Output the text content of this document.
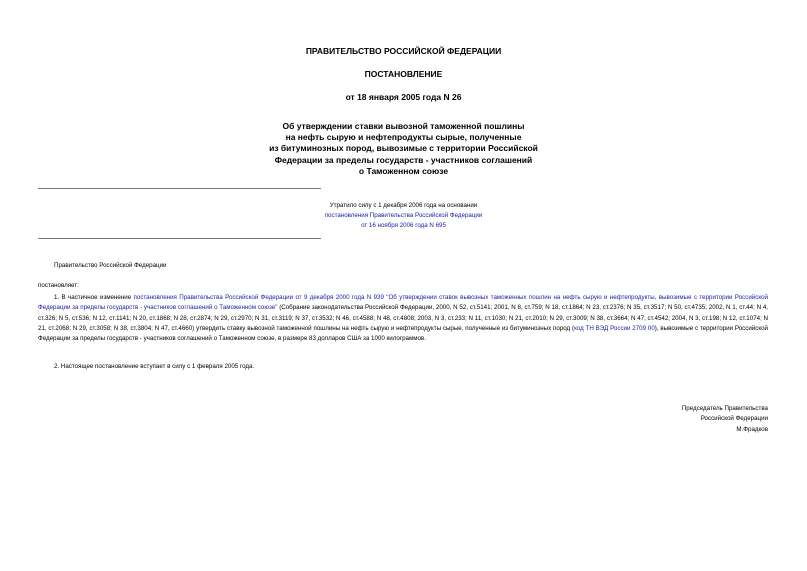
ПРАВИТЕЛЬСТВО РОССИЙСКОЙ ФЕДЕРАЦИИ
ПОСТАНОВЛЕНИЕ
от 18 января 2005 года N 26
Об утверждении ставки вывозной таможенной пошлины
на нефть сырую и нефтепродукты сырые, полученные
из битуминозных пород, вывозимые с территории Российской
Федерации за пределы государств - участников соглашений
о Таможенном союзе
Утратило силу с 1 декабря 2006 года на основании
постановления Правительства Российской Федерации
от 16 ноября 2006 года N 695
Правительство Российской Федерации
постановляет:
1. В частичное изменение постановления Правительства Российской Федерации от 9 декабря 2000 года N 939 "Об утверждении ставок вывозных таможенных пошлин на нефть сырую и нефтепродукты, вывозимые с территории Российской Федерации за пределы государств - участников соглашений о Таможенном союзе" (Собрание законодательства Российской Федерации, 2000, N 52, ст.5141; 2001, N 8, ст.759; N 18, ст.1864; N 23, ст.2376; N 35, ст.3517; N 50, ст.4735; 2002, N 1, ст.44; N 4, ст.326; N 5, ст.536; N 12, ст.1141; N 20, ст.1868; N 28, ст.2874; N 29, ст.2970; N 31, ст.3119; N 37, ст.3532; N 46, ст.4588; N 48, ст.4808; 2003, N 3, ст.233; N 11, ст.1030; N 21, ст.2010; N 29, ст.3009; N 38, ст.3664; N 47, ст.4542; 2004, N 3, ст.198; N 12, ст.1074; N 21, ст.2068; N 29, ст.3058; N 38, ст.3804; N 47, ст.4660) утвердить ставку вывозной таможенной пошлины на нефть сырую и нефтепродукты сырые, полученные из битуминозных пород (код ТН ВЭД России 2709 00), вывозимые с территории Российской Федерации за пределы государств - участников соглашений о Таможенном союзе, в размере 83 долларов США за 1000 килограммов.
2. Настоящее постановление вступает в силу с 1 февраля 2005 года.
Председатель Правительства
Российской Федерации
М.Фрадков
